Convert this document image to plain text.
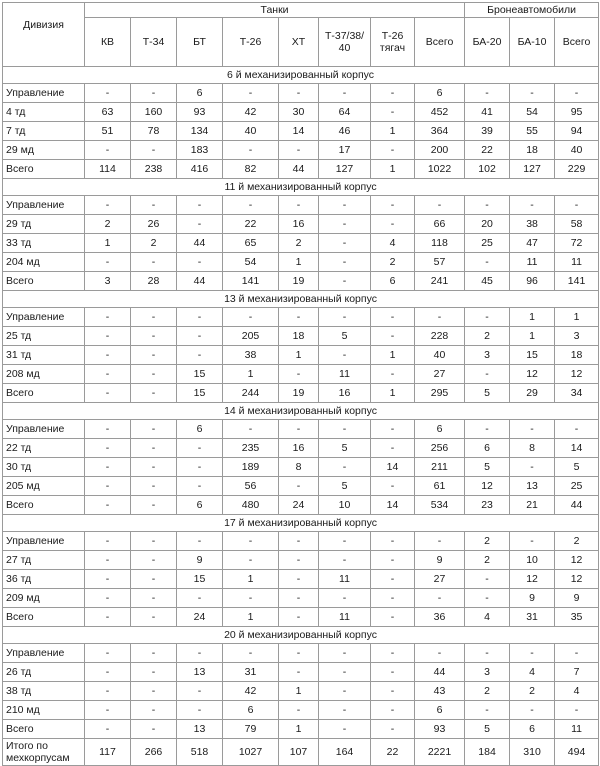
Дивизия	Танки								Бронеавтомобили		
	КВ	Т-34	БТ	Т-26	ХТ	Т-37/38/ 40	Т-26 тягач	Всего	БА-20	БА-10	Всего
6 й механизированный корпус											
Управление	-	-	6	-	-	-	-	6	-	-	-
4 тд	63	160	93	42	30	64	-	452	41	54	95
7 тд	51	78	134	40	14	46	1	364	39	55	94
29 мд	-	-	183	-	-	17	-	200	22	18	40
Всего	114	238	416	82	44	127	1	1022	102	127	229
11 й механизированный корпус											
Управление	-	-	-	-	-	-	-	-	-	-	-
29 тд	2	26	-	22	16	-	-	66	20	38	58
33 тд	1	2	44	65	2	-	4	118	25	47	72
204 мд	-	-	-	54	1	-	2	57	-	11	11
Всего	3	28	44	141	19	-	6	241	45	96	141
13 й механизированный корпус											
Управление	-	-	-	-	-	-	-	-	-	1	1
25 тд	-	-	-	205	18	5	-	228	2	1	3
31 тд	-	-	-	38	1	-	1	40	3	15	18
208 мд	-	-	15	1	-	11	-	27	-	12	12
Всего	-	-	15	244	19	16	1	295	5	29	34
14 й механизированный корпус											
Управление	-	-	6	-	-	-	-	6	-	-	-
22 тд	-	-	-	235	16	5	-	256	6	8	14
30 тд	-	-	-	189	8	-	14	211	5	-	5
205 мд	-	-	-	56	-	5	-	61	12	13	25
Всего	-	-	6	480	24	10	14	534	23	21	44
17 й механизированный корпус											
Управление	-	-	-	-	-	-	-	-	2	-	2
27 тд	-	-	9	-	-	-	-	9	2	10	12
36 тд	-	-	15	1	-	11	-	27	-	12	12
209 мд	-	-	-	-	-	-	-	-	-	9	9
Всего	-	-	24	1	-	11	-	36	4	31	35
20 й механизированный корпус											
Управление	-	-	-	-	-	-	-	-	-	-	-
26 тд	-	-	13	31	-	-	-	44	3	4	7
38 тд	-	-	-	42	1	-	-	43	2	2	4
210 мд	-	-	-	6	-	-	-	6	-	-	-
Всего	-	-	13	79	1	-	-	93	5	6	11
Итого по мехкорпусам	117	266	518	1027	107	164	22	2221	184	310	494
